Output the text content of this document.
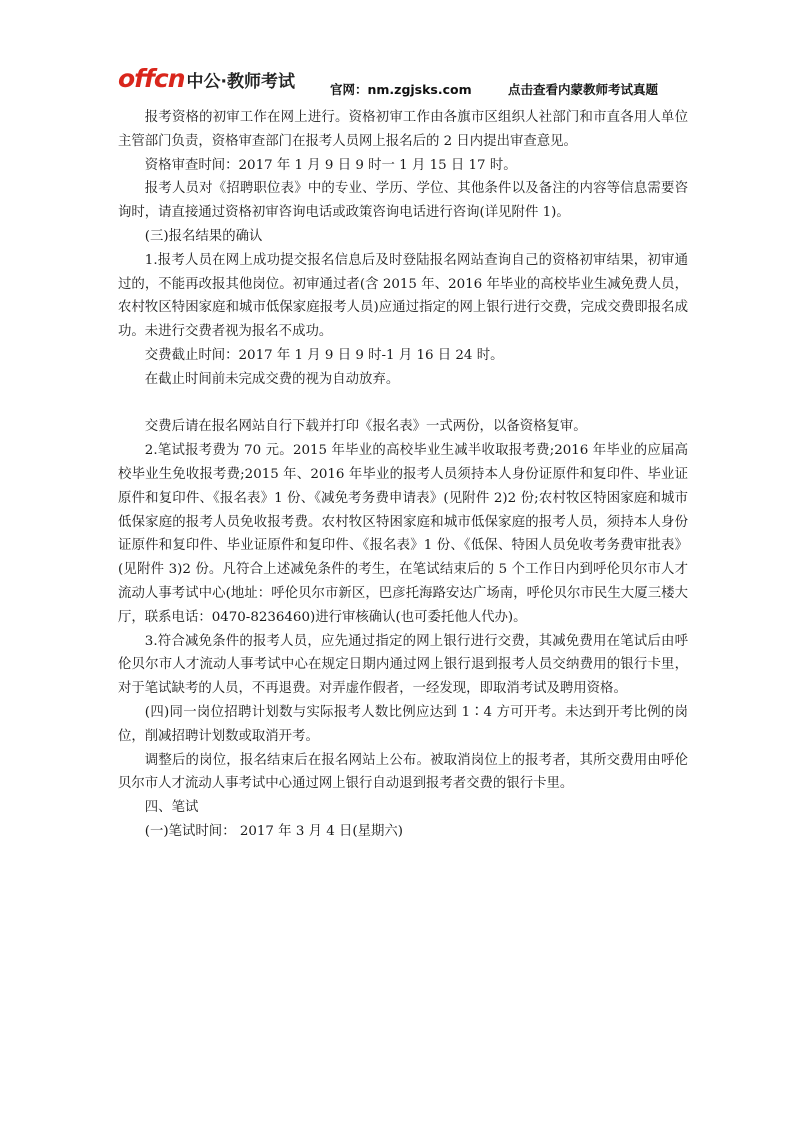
offcn 中公·教师考试	官网：nm.zgjsks.com	点击查看内蒙教师考试真题

报考资格的初审工作在网上进行。资格初审工作由各旗市区组织人社部门和市直各用人单位主管部门负责，资格审查部门在报考人员网上报名后的 2 日内提出审查意见。

资格审查时间：2017 年 1 月 9 日 9 时一 1 月 15 日 17 时。

报考人员对《招聘职位表》中的专业、学历、学位、其他条件以及备注的内容等信息需要咨询时，请直接通过资格初审咨询电话或政策咨询电话进行咨询(详见附件 1)。

(三)报名结果的确认

1.报考人员在网上成功提交报名信息后及时登陆报名网站查询自己的资格初审结果，初审通过的，不能再改报其他岗位。初审通过者(含 2015 年、2016 年毕业的高校毕业生减免费人员，农村牧区特困家庭和城市低保家庭报考人员)应通过指定的网上银行进行交费，完成交费即报名成功。未进行交费者视为报名不成功。

交费截止时间：2017 年 1 月 9 日 9 时-1 月 16 日 24 时。

在截止时间前未完成交费的视为自动放弃。

交费后请在报名网站自行下载并打印《报名表》一式两份，以备资格复审。

2.笔试报考费为 70 元。2015 年毕业的高校毕业生减半收取报考费;2016 年毕业的应届高校毕业生免收报考费;2015 年、2016 年毕业的报考人员须持本人身份证原件和复印件、毕业证原件和复印件、《报名表》1 份、《减免考务费申请表》(见附件 2)2 份;农村牧区特困家庭和城市低保家庭的报考人员免收报考费。农村牧区特困家庭和城市低保家庭的报考人员，须持本人身份证原件和复印件、毕业证原件和复印件、《报名表》1 份、《低保、特困人员免收考务费审批表》(见附件 3)2 份。凡符合上述减免条件的考生，在笔试结束后的 5 个工作日内到呼伦贝尔市人才流动人事考试中心(地址：呼伦贝尔市新区，巴彦托海路安达广场南，呼伦贝尔市民生大厦三楼大厅，联系电话：0470-8236460)进行审核确认(也可委托他人代办)。

3.符合减免条件的报考人员，应先通过指定的网上银行进行交费，其减免费用在笔试后由呼伦贝尔市人才流动人事考试中心在规定日期内通过网上银行退到报考人员交纳费用的银行卡里，对于笔试缺考的人员，不再退费。对弄虚作假者，一经发现，即取消考试及聘用资格。

(四)同一岗位招聘计划数与实际报考人数比例应达到 1∶4 方可开考。未达到开考比例的岗位，削减招聘计划数或取消开考。

调整后的岗位，报名结束后在报名网站上公布。被取消岗位上的报考者，其所交费用由呼伦贝尔市人才流动人事考试中心通过网上银行自动退到报考者交费的银行卡里。

四、笔试

(一)笔试时间： 2017 年 3 月 4 日(星期六)
